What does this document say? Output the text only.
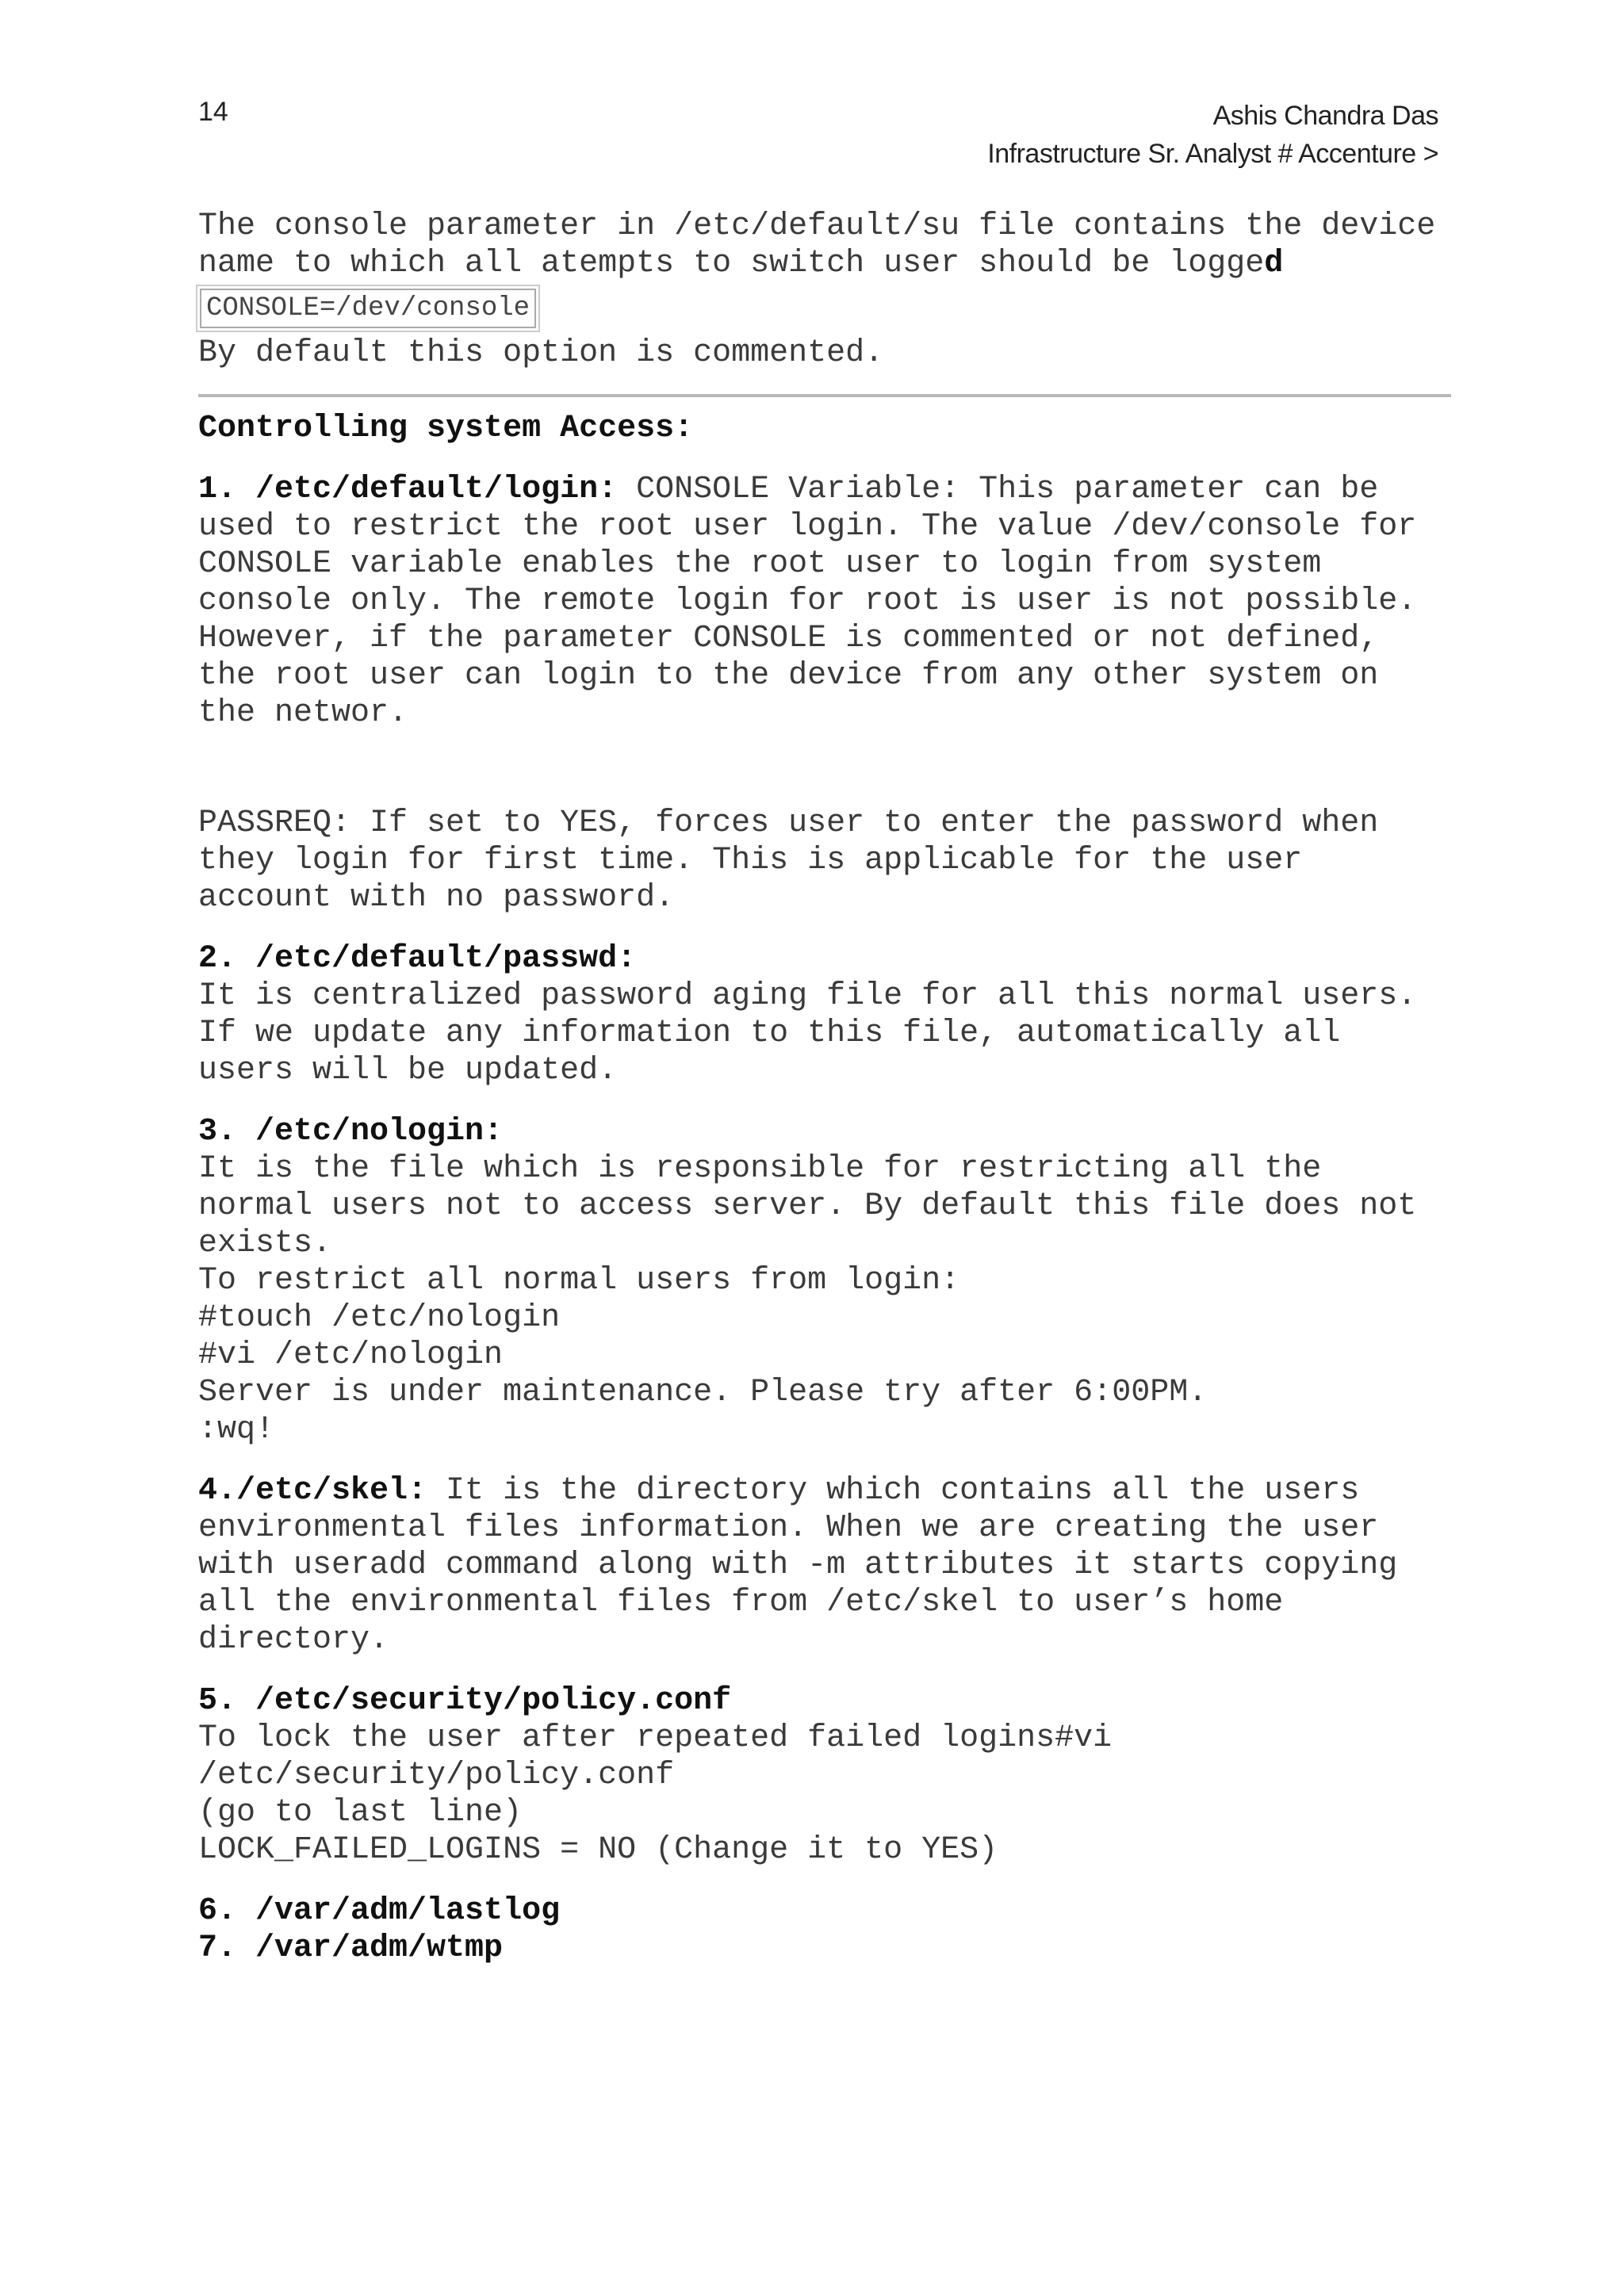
14	Ashis Chandra Das
Infrastructure Sr. Analyst # Accenture >

The console parameter in /etc/default/su file contains the device name to which all atempts to switch user should be logged

CONSOLE=/dev/console

By default this option is commented.

Controlling system Access:

1. /etc/default/login: CONSOLE Variable: This parameter can be used to restrict the root user login. The value /dev/console for CONSOLE variable enables the root user to login from system console only. The remote login for root is user is not possible. However, if the parameter CONSOLE is commented or not defined, the root user can login to the device from any other system on the networ.

PASSREQ: If set to YES, forces user to enter the password when they login for first time. This is applicable for the user account with no password.

2. /etc/default/passwd:

It is centralized password aging file for all this normal users. If we update any information to this file, automatically all users will be updated.

3. /etc/nologin:

It is the file which is responsible for restricting all the normal users not to access server. By default this file does not exists.

To restrict all normal users from login:

#touch /etc/nologin

#vi /etc/nologin

Server is under maintenance. Please try after 6:00PM.

:wq!

4./etc/skel: It is the directory which contains all the users environmental files information. When we are creating the user with useradd command along with -m attributes it starts copying all the environmental files from /etc/skel to user’s home directory.

5. /etc/security/policy.conf

To lock the user after repeated failed logins#vi

/etc/security/policy.conf

(go to last line)

LOCK_FAILED_LOGINS = NO (Change it to YES)

6. /var/adm/lastlog

7. /var/adm/wtmp
